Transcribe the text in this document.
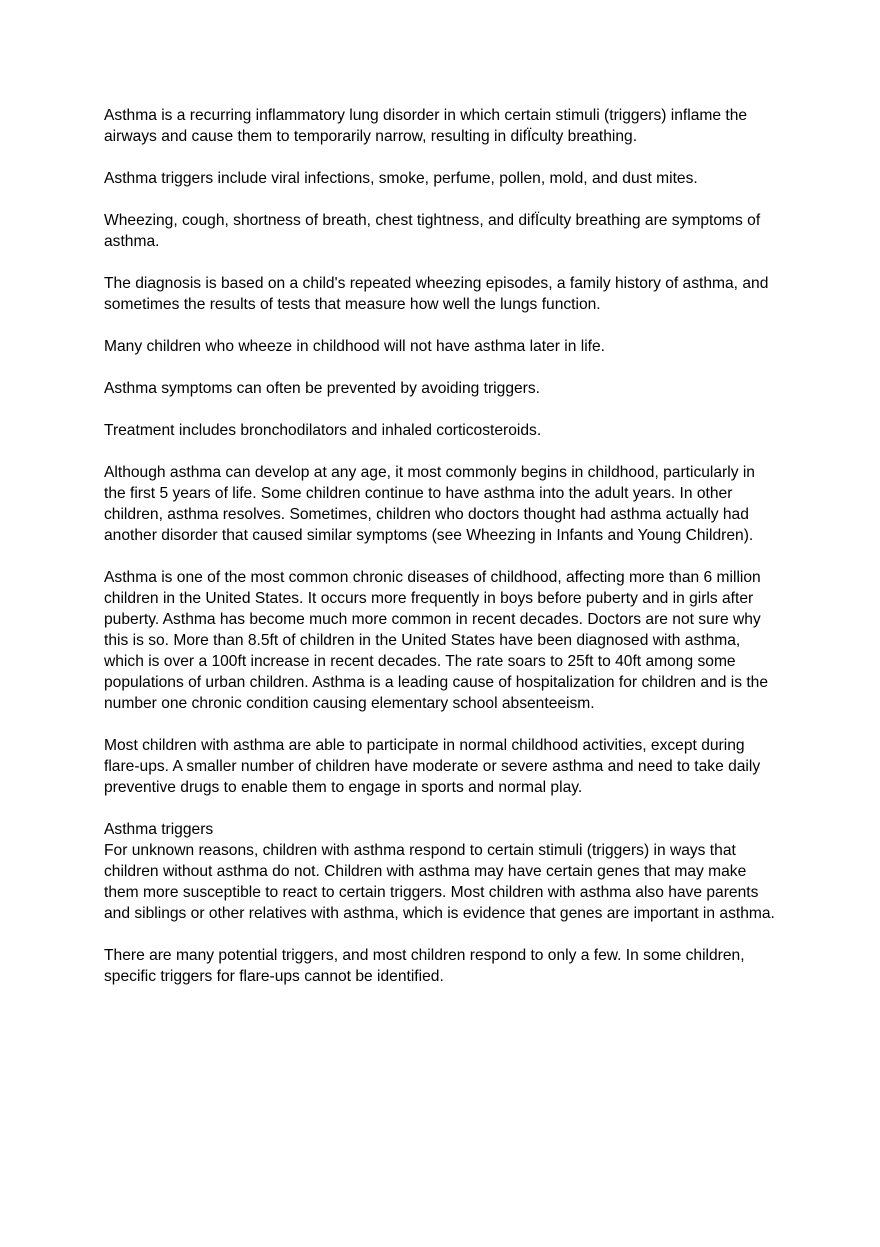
Asthma is a recurring inflammatory lung disorder in which certain stimuli (triggers) inflame the airways and cause them to temporarily narrow, resulting in difÏculty breathing.

Asthma triggers include viral infections, smoke, perfume, pollen, mold, and dust mites.

Wheezing, cough, shortness of breath, chest tightness, and difÏculty breathing are symptoms of asthma.

The diagnosis is based on a child's repeated wheezing episodes, a family history of asthma, and sometimes the results of tests that measure how well the lungs function.

Many children who wheeze in childhood will not have asthma later in life.

Asthma symptoms can often be prevented by avoiding triggers.

Treatment includes bronchodilators and inhaled corticosteroids.

Although asthma can develop at any age, it most commonly begins in childhood, particularly in the first 5 years of life. Some children continue to have asthma into the adult years. In other children, asthma resolves. Sometimes, children who doctors thought had asthma actually had another disorder that caused similar symptoms (see Wheezing in Infants and Young Children).

Asthma is one of the most common chronic diseases of childhood, affecting more than 6 million children in the United States. It occurs more frequently in boys before puberty and in girls after puberty. Asthma has become much more common in recent decades. Doctors are not sure why this is so. More than 8.5ft of children in the United States have been diagnosed with asthma, which is over a 100ft increase in recent decades. The rate soars to 25ft to 40ft among some populations of urban children. Asthma is a leading cause of hospitalization for children and is the number one chronic condition causing elementary school absenteeism.

Most children with asthma are able to participate in normal childhood activities, except during flare-ups. A smaller number of children have moderate or severe asthma and need to take daily preventive drugs to enable them to engage in sports and normal play.

Asthma triggers

For unknown reasons, children with asthma respond to certain stimuli (triggers) in ways that children without asthma do not. Children with asthma may have certain genes that may make them more susceptible to react to certain triggers. Most children with asthma also have parents and siblings or other relatives with asthma, which is evidence that genes are important in asthma.

There are many potential triggers, and most children respond to only a few. In some children, specific triggers for flare-ups cannot be identified.
